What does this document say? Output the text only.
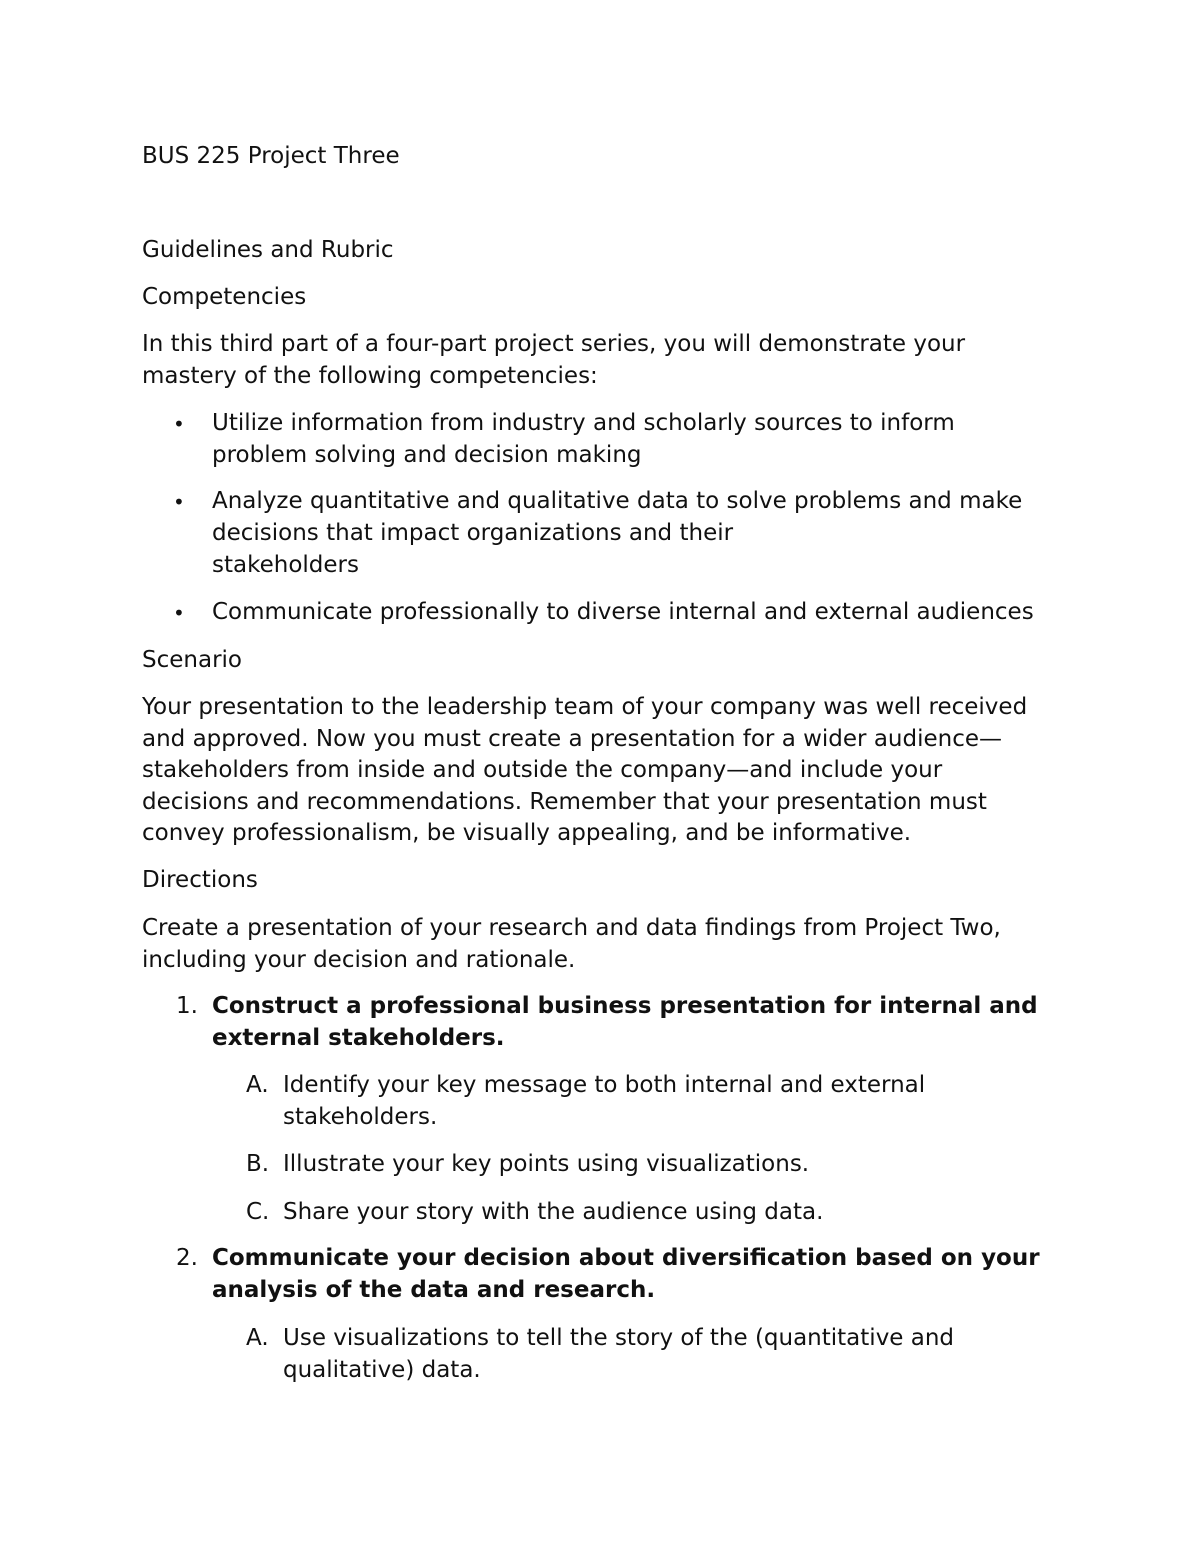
BUS 225 Project Three

Guidelines and Rubric

Competencies

In this third part of a four-part project series, you will demonstrate your

mastery of the following competencies:

• Utilize information from industry and scholarly sources to inform

problem solving and decision making

• Analyze quantitative and qualitative data to solve problems and make

decisions that impact organizations and their

stakeholders

• Communicate professionally to diverse internal and external audiences

Scenario

Your presentation to the leadership team of your company was well received

and approved. Now you must create a presentation for a wider audience—

stakeholders from inside and outside the company—and include your

decisions and recommendations. Remember that your presentation must

convey professionalism, be visually appealing, and be informative.

Directions

Create a presentation of your research and data findings from Project Two,

including your decision and rationale.

1. Construct a professional business presentation for internal and

external stakeholders.

A. Identify your key message to both internal and external

stakeholders.

B. Illustrate your key points using visualizations.

C. Share your story with the audience using data.

2. Communicate your decision about diversification based on your

analysis of the data and research.

A. Use visualizations to tell the story of the (quantitative and

qualitative) data.
